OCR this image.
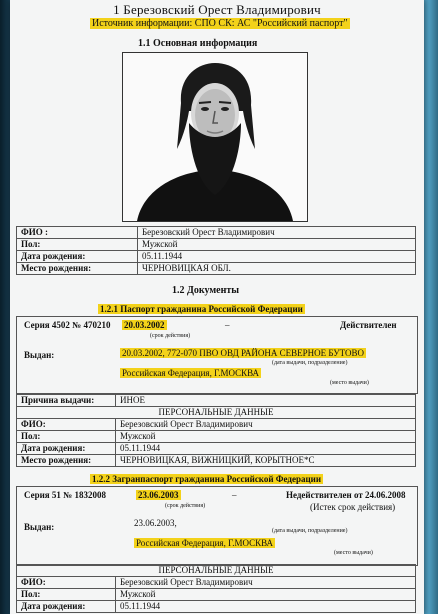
1 Березовский Орест Владимирович
Источник информации: СПО СК: АС "Российский паспорт"
1.1 Основная информация
ФИО :	Березовский Орест Владимирович
Пол:	Мужской
Дата рождения:	05.11.1944
Место рождения:	ЧЕРНОВИЦКАЯ ОБЛ.
1.2 Документы
1.2.1 Паспорт гражданина Российской Федерации
Серия 4502 № 470210 20.03.2002	–
(срок действия)
Действителен
Выдан:	20.03.2002, 772-070 ПВО ОВД РАЙОНА СЕВЕРНОЕ БУТОВО
(дата выдачи, подразделение)
Российская Федерация, Г.МОСКВА
(место выдачи)
Причина выдачи:	ИНОЕ
ПЕРСОНАЛЬНЫЕ ДАННЫЕ	
ФИО:	Березовский Орест Владимирович
Пол:	Мужской
Дата рождения:	05.11.1944
Место рождения:	ЧЕРНОВИЦКАЯ, ВИЖНИЦКИЙ, КОРЫТНОЕ*С
1.2.2 Загранпаспорт гражданина Российской Федерации
Серия 51 № 1832008	23.06.2003	–
(срок действия)
Недействителен от 24.06.2008
(Истек срок действия)
Выдан:	23.06.2003,
(дата выдачи, подразделение)
Российская Федерация, Г.МОСКВА
(место выдачи)
ПЕРСОНАЛЬНЫЕ ДАННЫЕ	
ФИО:	Березовский Орест Владимирович
Пол:	Мужской
Дата рождения:	05.11.1944
